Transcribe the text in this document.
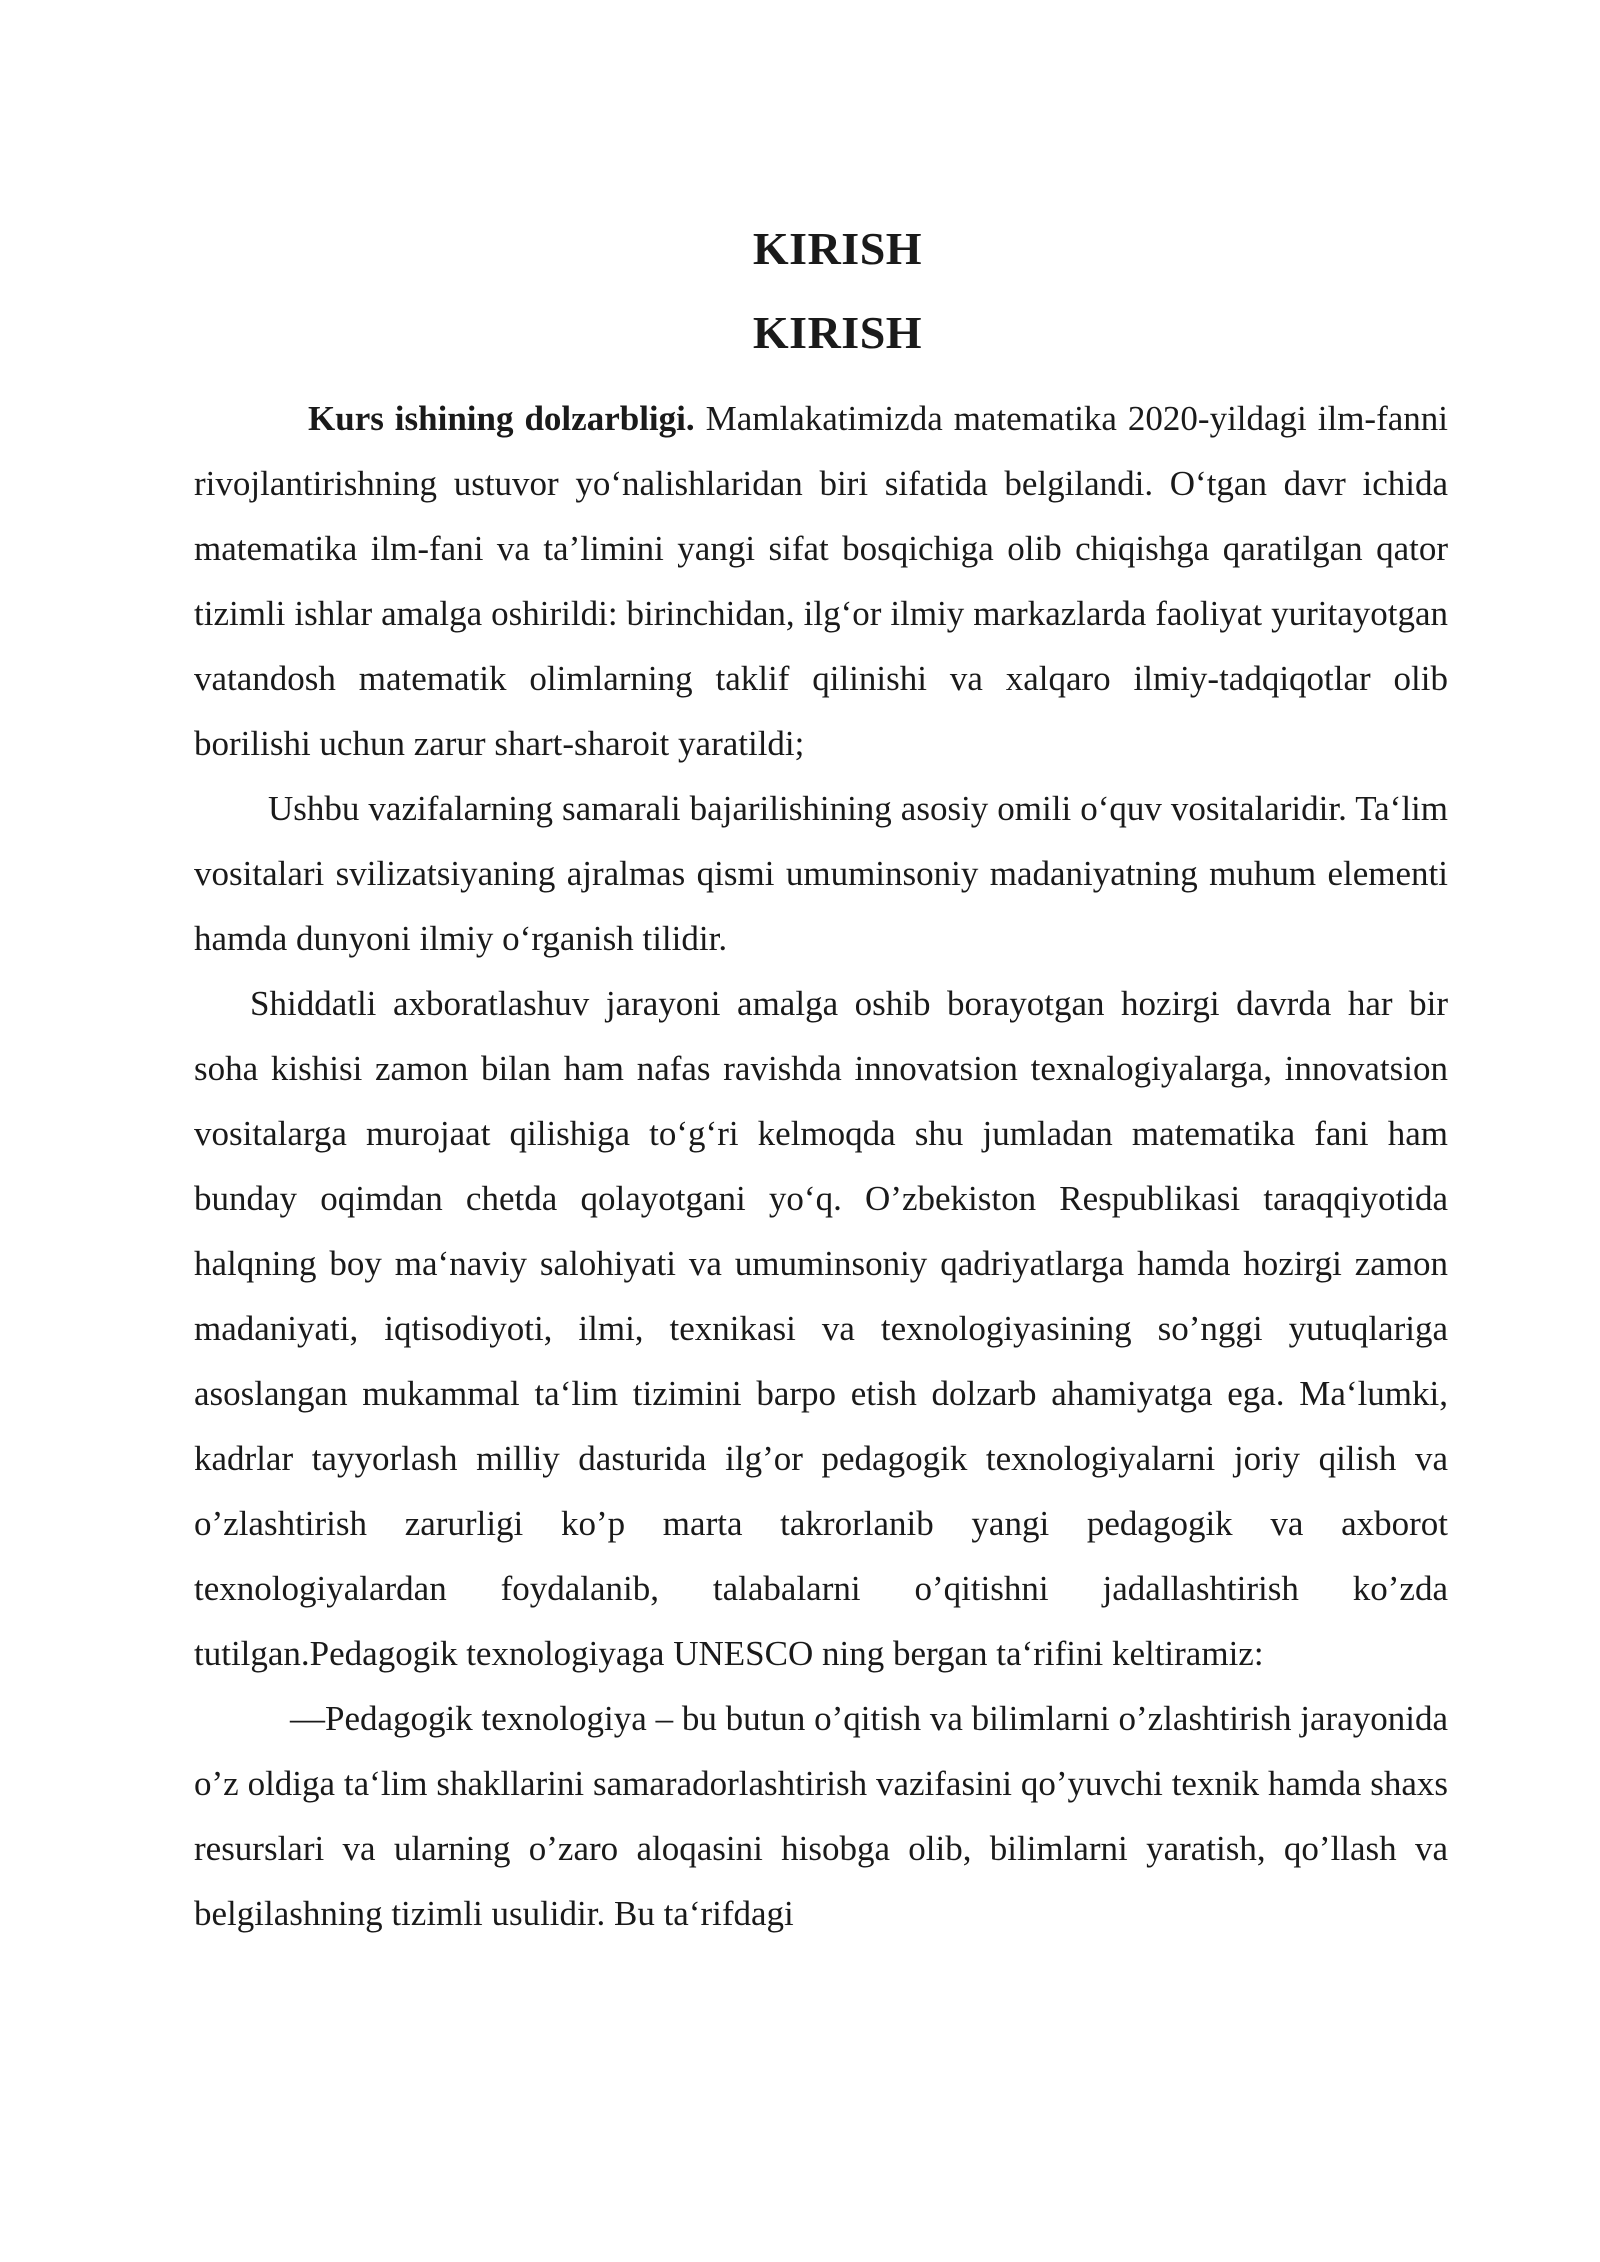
KIRISH
KIRISH

Kurs ishining dolzarbligi. Mamlakatimizda matematika 2020-yildagi ilm-fanni rivojlantirishning ustuvor yo‘nalishlaridan biri sifatida belgilandi. O‘tgan davr ichida matematika ilm-fani va ta’limini yangi sifat bosqichiga olib chiqishga qaratilgan qator tizimli ishlar amalga oshirildi: birinchidan, ilg‘or ilmiy markazlarda faoliyat yuritayotgan vatandosh matematik olimlarning taklif qilinishi va xalqaro ilmiy-tadqiqotlar olib borilishi uchun zarur shart-sharoit yaratildi;

Ushbu vazifalarning samarali bajarilishining asosiy omili o‘quv vositalaridir. Ta‘lim vositalari svilizatsiyaning ajralmas qismi umuminsoniy madaniyatning muhum elementi hamda dunyoni ilmiy o‘rganish tilidir.

Shiddatli axboratlashuv jarayoni amalga oshib borayotgan hozirgi davrda har bir soha kishisi zamon bilan ham nafas ravishda innovatsion texnalogiyalarga, innovatsion vositalarga murojaat qilishiga to‘g‘ri kelmoqda shu jumladan matematika fani ham bunday oqimdan chetda qolayotgani yo‘q. O’zbekiston Respublikasi taraqqiyotida halqning boy ma‘naviy salohiyati va umuminsoniy qadriyatlarga hamda hozirgi zamon madaniyati, iqtisodiyoti, ilmi, texnikasi va texnologiyasining so’nggi yutuqlariga asoslangan mukammal ta‘lim tizimini barpo etish dolzarb ahamiyatga ega. Ma‘lumki, kadrlar tayyorlash milliy dasturida ilg’or pedagogik texnologiyalarni joriy qilish va o’zlashtirish zarurligi ko’p marta takrorlanib yangi pedagogik va axborot texnologiyalardan foydalanib, talabalarni o’qitishni jadallashtirish ko’zda tutilgan.Pedagogik texnologiyaga UNESCO ning bergan ta‘rifini keltiramiz:

―Pedagogik texnologiya – bu butun o’qitish va bilimlarni o’zlashtirish jarayonida o’z oldiga ta‘lim shakllarini samaradorlashtirish vazifasini qo’yuvchi texnik hamda shaxs resurslari va ularning o’zaro aloqasini hisobga olib, bilimlarni yaratish, qo’llash va belgilashning tizimli usulidir. Bu ta‘rifdagi
